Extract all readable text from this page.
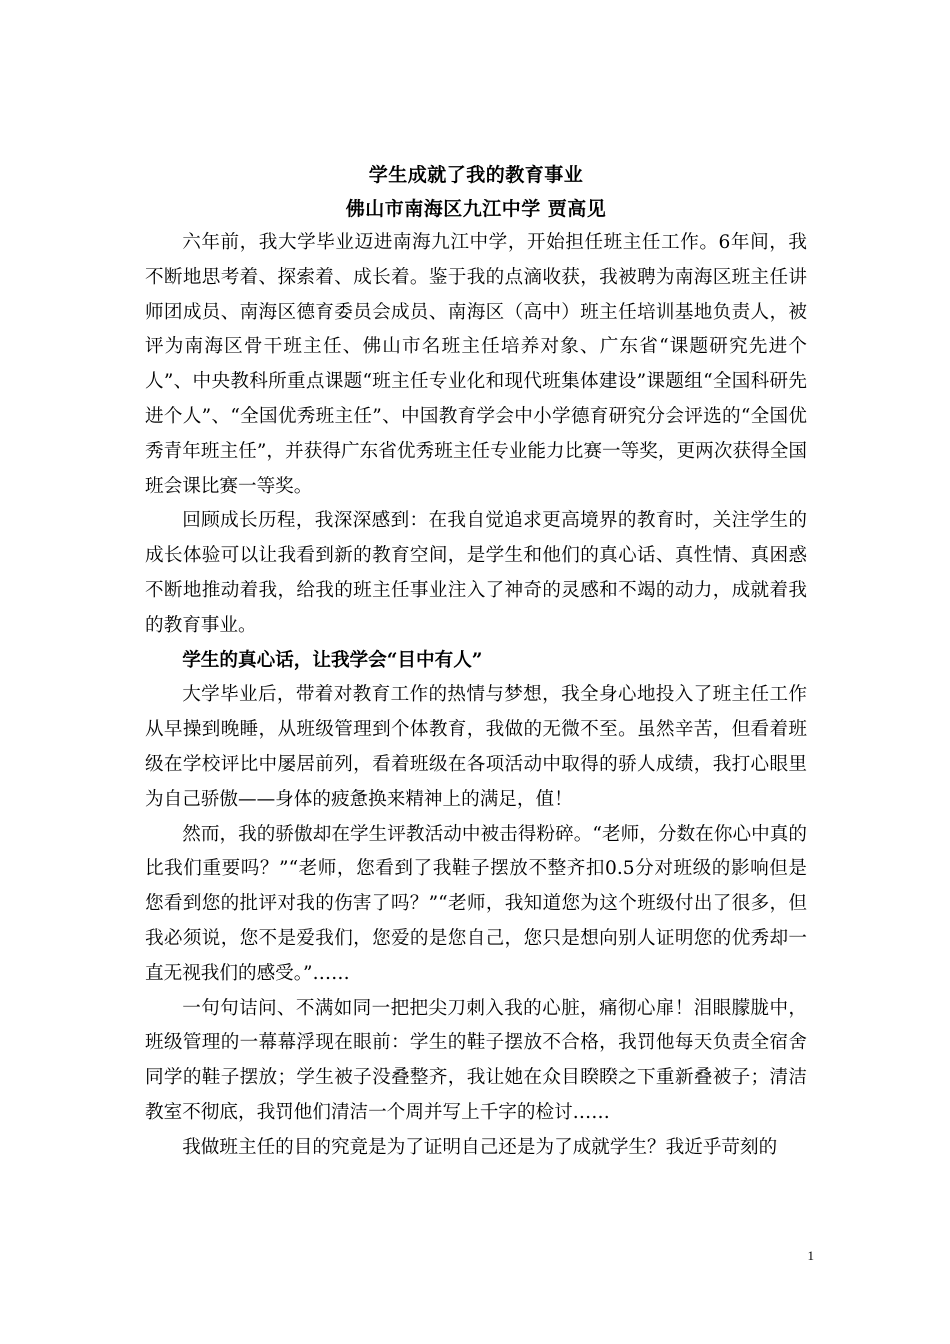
学生成就了我的教育事业
佛山市南海区九江中学 贾高见

六年前，我大学毕业迈进南海九江中学，开始担任班主任工作。6年间，我不断地思考着、探索着、成长着。鉴于我的点滴收获，我被聘为南海区班主任讲师团成员、南海区德育委员会成员、南海区（高中）班主任培训基地负责人，被评为南海区骨干班主任、佛山市名班主任培养对象、广东省“课题研究先进个人”、中央教科所重点课题“班主任专业化和现代班集体建设”课题组“全国科研先进个人”、“全国优秀班主任”、中国教育学会中小学德育研究分会评选的“全国优秀青年班主任”，并获得广东省优秀班主任专业能力比赛一等奖，更两次获得全国班会课比赛一等奖。

回顾成长历程，我深深感到：在我自觉追求更高境界的教育时，关注学生的成长体验可以让我看到新的教育空间，是学生和他们的真心话、真性情、真困惑不断地推动着我，给我的班主任事业注入了神奇的灵感和不竭的动力，成就着我的教育事业。

学生的真心话，让我学会“目中有人”

大学毕业后，带着对教育工作的热情与梦想，我全身心地投入了班主任工作从早操到晚睡，从班级管理到个体教育，我做的无微不至。虽然辛苦，但看着班级在学校评比中屡居前列，看着班级在各项活动中取得的骄人成绩，我打心眼里为自己骄傲——身体的疲惫换来精神上的满足，值！

然而，我的骄傲却在学生评教活动中被击得粉碎。“老师，分数在你心中真的比我们重要吗？”“老师，您看到了我鞋子摆放不整齐扣0.5分对班级的影响但是您看到您的批评对我的伤害了吗？”“老师，我知道您为这个班级付出了很多，但我必须说，您不是爱我们，您爱的是您自己，您只是想向别人证明您的优秀却一直无视我们的感受。”……

一句句诘问、不满如同一把把尖刀刺入我的心脏，痛彻心扉！泪眼朦胧中，班级管理的一幕幕浮现在眼前：学生的鞋子摆放不合格，我罚他每天负责全宿舍同学的鞋子摆放；学生被子没叠整齐，我让她在众目睽睽之下重新叠被子；清洁教室不彻底，我罚他们清洁一个周并写上千字的检讨……

我做班主任的目的究竟是为了证明自己还是为了成就学生？我近乎苛刻的

1
